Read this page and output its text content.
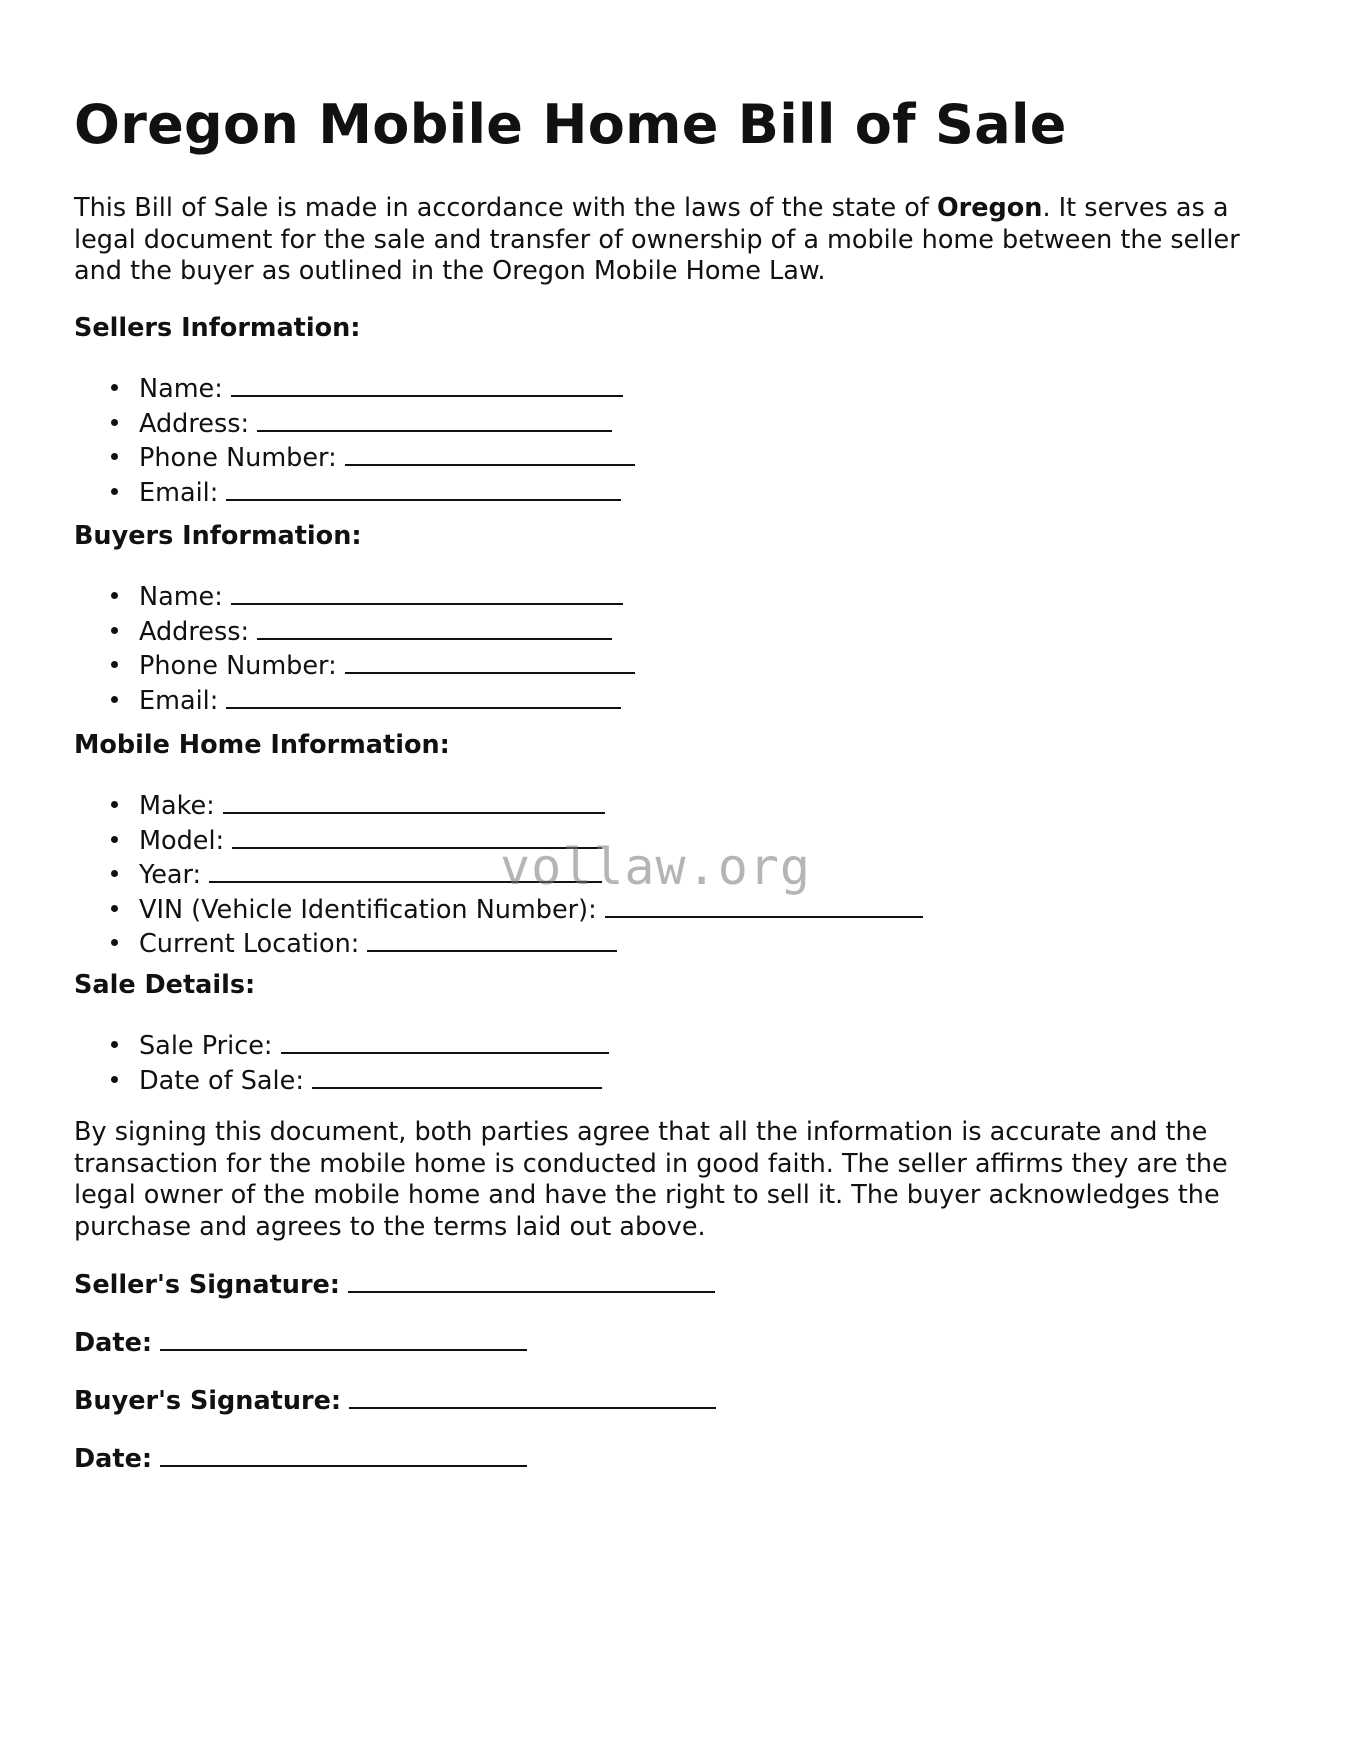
Oregon Mobile Home Bill of Sale

This Bill of Sale is made in accordance with the laws of the state of Oregon. It serves as a legal document for the sale and transfer of ownership of a mobile home between the seller and the buyer as outlined in the Oregon Mobile Home Law.

Sellers Information:
Name:
Address:
Phone Number:
Email:
Buyers Information:
Name:
Address:
Phone Number:
Email:
Mobile Home Information:
Make:
Model:
Year:
VIN (Vehicle Identification Number):
Current Location:
Sale Details:
Sale Price:
Date of Sale:

By signing this document, both parties agree that all the information is accurate and the transaction for the mobile home is conducted in good faith. The seller affirms they are the legal owner of the mobile home and have the right to sell it. The buyer acknowledges the purchase and agrees to the terms laid out above.

Seller's Signature:

Date:

Buyer's Signature:

Date:

vollaw.org
